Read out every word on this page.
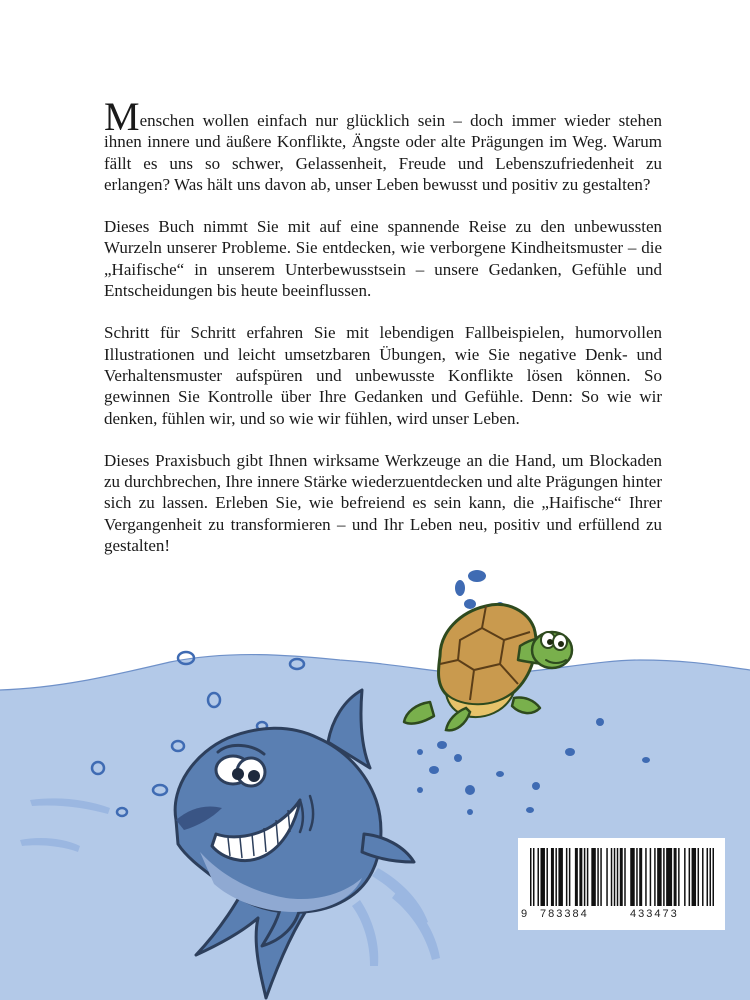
Menschen wollen einfach nur glücklich sein – doch immer wieder stehen ihnen innere und äußere Konflikte, Ängste oder alte Prägungen im Weg. Warum fällt es uns so schwer, Gelassenheit, Freude und Lebenszufriedenheit zu erlangen? Was hält uns davon ab, unser Leben bewusst und positiv zu gestalten?

Dieses Buch nimmt Sie mit auf eine spannende Reise zu den unbewussten Wurzeln unserer Probleme. Sie entdecken, wie verborgene Kindheitsmuster – die „Haifische“ in unserem Unterbewusstsein – unsere Gedanken, Gefühle und Entscheidungen bis heute beeinflussen.

Schritt für Schritt erfahren Sie mit lebendigen Fallbeispielen, humorvollen Illustrationen und leicht umsetzbaren Übungen, wie Sie negative Denk- und Verhaltensmuster aufspüren und unbewusste Konflikte lösen können. So gewinnen Sie Kontrolle über Ihre Gedanken und Gefühle. Denn: So wie wir denken, fühlen wir, und so wie wir fühlen, wird unser Leben.

Dieses Praxisbuch gibt Ihnen wirksame Werkzeuge an die Hand, um Blockaden zu durchbrechen, Ihre innere Stärke wiederzuentdecken und alte Prägungen hinter sich zu lassen. Erleben Sie, wie befreiend es sein kann, die „Haifische“ Ihrer Vergangenheit zu transformieren – und Ihr Leben neu, positiv und erfüllend zu gestalten!

9 783384	433473
